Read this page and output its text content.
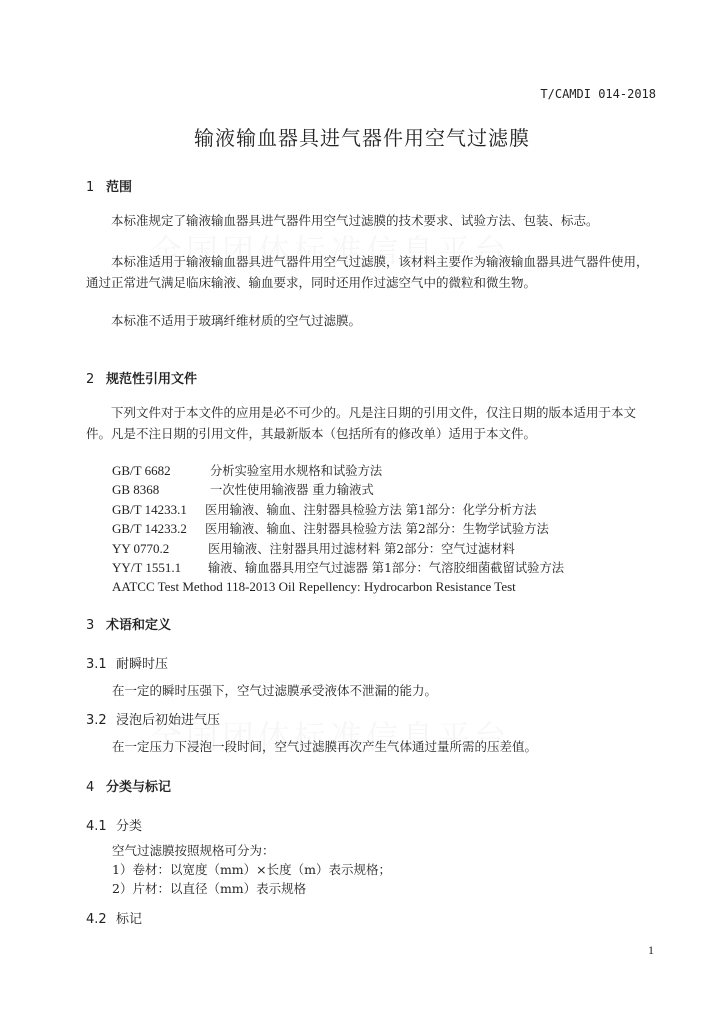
T/CAMDI 014-2018
输液输血器具进气器件用空气过滤膜
1 范围

本标准规定了输液输血器具进气器件用空气过滤膜的技术要求、试验方法、包装、标志。

本标准适用于输液输血器具进气器件用空气过滤膜，该材料主要作为输液输血器具进气器件使用，通过正常进气满足临床输液、输血要求，同时还用作过滤空气中的微粒和微生物。

本标准不适用于玻璃纤维材质的空气过滤膜。

2 规范性引用文件

下列文件对于本文件的应用是必不可少的。凡是注日期的引用文件，仅注日期的版本适用于本文件。凡是不注日期的引用文件，其最新版本（包括所有的修改单）适用于本文件。

GB/T 6682	分析实验室用水规格和试验方法
GB 8368	一次性使用输液器 重力输液式
GB/T 14233.1 医用输液、输血、注射器具检验方法 第1部分：化学分析方法
GB/T 14233.2 医用输液、输血、注射器具检验方法 第2部分：生物学试验方法
YY 0770.2	医用输液、注射器具用过滤材料 第2部分：空气过滤材料
YY/T 1551.1 输液、输血器具用空气过滤器 第1部分：气溶胶细菌截留试验方法
AATCC Test Method 118-2013 Oil Repellency: Hydrocarbon Resistance Test
3 术语和定义
3.1 耐瞬时压

在一定的瞬时压强下，空气过滤膜承受液体不泄漏的能力。

3.2 浸泡后初始进气压

在一定压力下浸泡一段时间，空气过滤膜再次产生气体通过量所需的压差值。

4 分类与标记
4.1 分类

空气过滤膜按照规格可分为：

1）卷材：以宽度（mm）×长度（m）表示规格；

2）片材：以直径（mm）表示规格

4.2 标记
1
